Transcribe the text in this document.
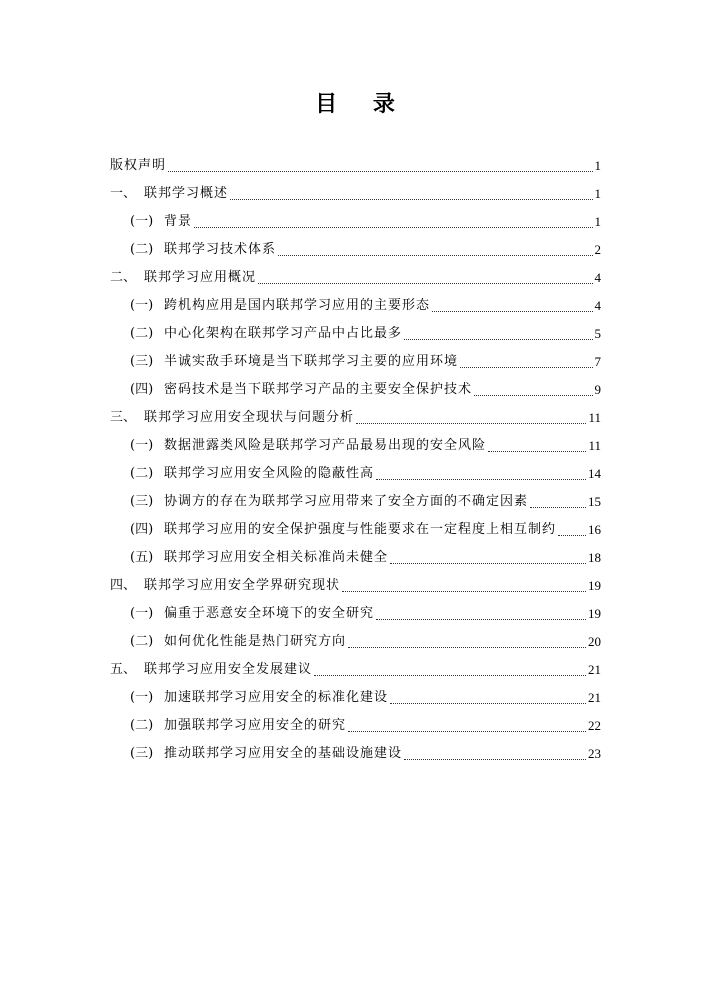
目 录
版权声明	1
一、 联邦学习概述	1
(一) 背景	1
(二) 联邦学习技术体系	2
二、 联邦学习应用概况	4
(一) 跨机构应用是国内联邦学习应用的主要形态	4
(二) 中心化架构在联邦学习产品中占比最多	5
(三) 半诚实敌手环境是当下联邦学习主要的应用环境	7
(四) 密码技术是当下联邦学习产品的主要安全保护技术	9
三、 联邦学习应用安全现状与问题分析	11
(一) 数据泄露类风险是联邦学习产品最易出现的安全风险	11
(二) 联邦学习应用安全风险的隐蔽性高	14
(三) 协调方的存在为联邦学习应用带来了安全方面的不确定因素	15
(四) 联邦学习应用的安全保护强度与性能要求在一定程度上相互制约 16
(五) 联邦学习应用安全相关标准尚未健全	18
四、 联邦学习应用安全学界研究现状	19
(一) 偏重于恶意安全环境下的安全研究	19
(二) 如何优化性能是热门研究方向	20
五、 联邦学习应用安全发展建议	21
(一) 加速联邦学习应用安全的标准化建设	21
(二) 加强联邦学习应用安全的研究	22
(三) 推动联邦学习应用安全的基础设施建设	23
